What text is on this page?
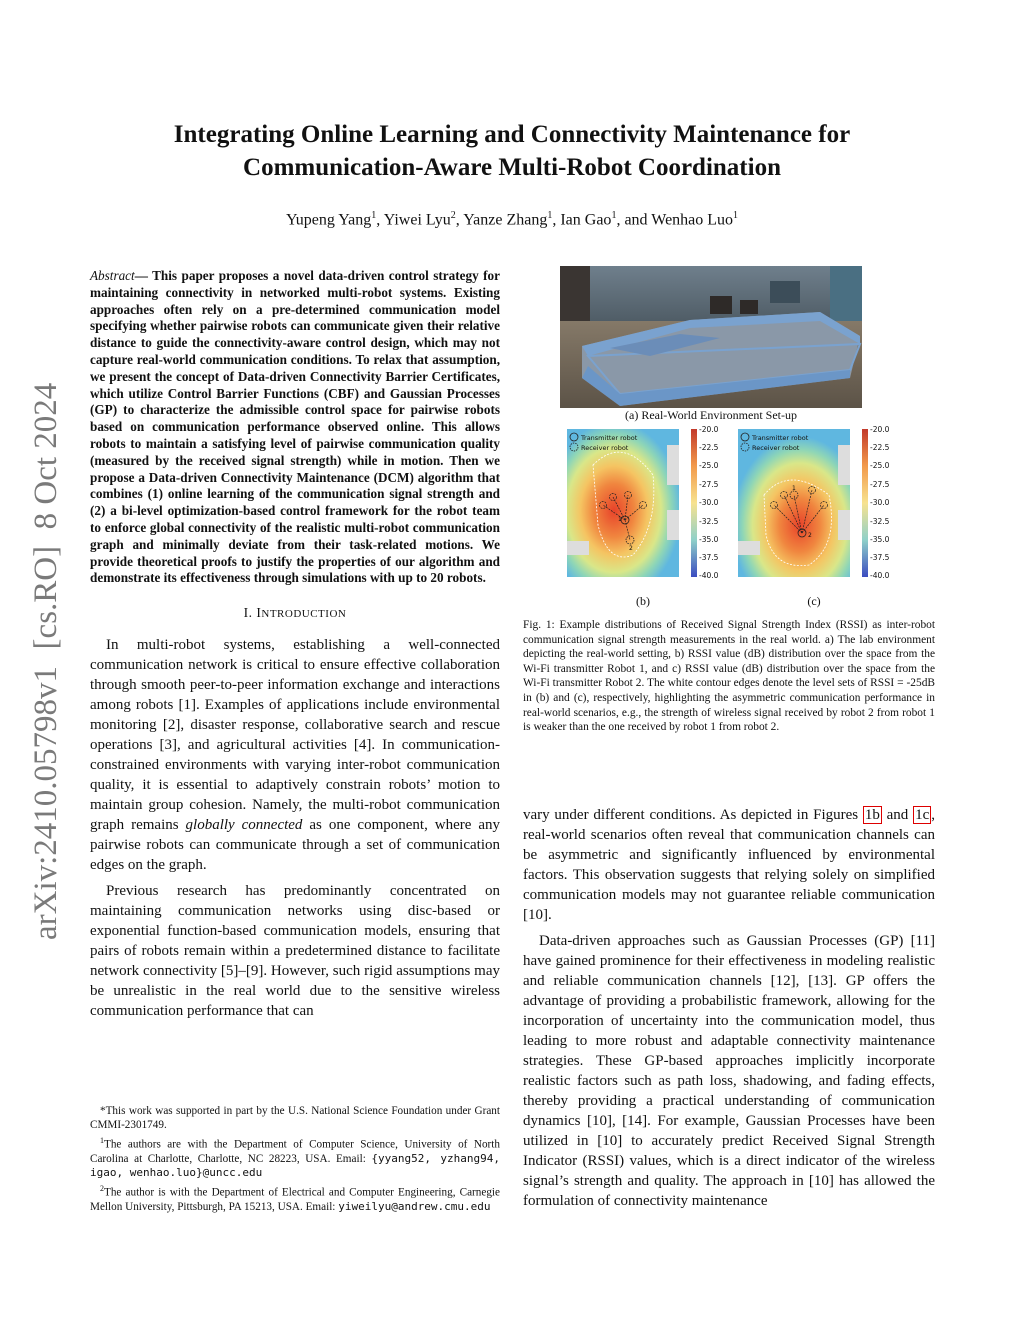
arXiv:2410.05798v1  [cs.RO]  8 Oct 2024
Integrating Online Learning and Connectivity Maintenance for
Communication-Aware Multi-Robot Coordination
Yupeng Yang$^1$, Yiwei Lyu$^2$, Yanze Zhang$^1$, Ian Gao$^1$, and Wenhao Luo$^1$
Abstract— This paper proposes a novel data-driven control strategy for maintaining connectivity in networked multi-robot systems. Existing approaches often rely on a pre-determined communication model specifying whether pairwise robots can communicate given their relative distance to guide the connectivity-aware control design, which may not capture real-world communication conditions. To relax that assumption, we present the concept of Data-driven Connectivity Barrier Certificates, which utilize Control Barrier Functions (CBF) and Gaussian Processes (GP) to characterize the admissible control space for pairwise robots based on communication performance observed online. This allows robots to maintain a satisfying level of pairwise communication quality (measured by the received signal strength) while in motion. Then we propose a Data-driven Connectivity Maintenance (DCM) algorithm that combines (1) online learning of the communication signal strength and (2) a bi-level optimization-based control framework for the robot team to enforce global connectivity of the realistic multi-robot communication graph and minimally deviate from their task-related motions. We provide theoretical proofs to justify the properties of our algorithm and demonstrate its effectiveness through simulations with up to 20 robots.
I. INTRODUCTION

In multi-robot systems, establishing a well-connected communication network is critical to ensure effective collaboration through smooth peer-to-peer information exchange and interactions among robots [1]. Examples of applications include environmental monitoring [2], disaster response, collaborative search and rescue operations [3], and agricultural activities [4]. In communication-constrained environments with varying inter-robot communication quality, it is essential to adaptively constrain robots’ motion to maintain group cohesion. Namely, the multi-robot communication graph remains globally connected as one component, where any pairwise robots can communicate through a set of communication edges on the graph.

Previous research has predominantly concentrated on maintaining communication networks using disc-based or exponential function-based communication models, ensuring that pairs of robots remain within a predetermined distance to facilitate network connectivity [5]–[9]. However, such rigid assumptions may be unrealistic in the real world due to the sensitive wireless communication performance that can

*This work was supported in part by the U.S. National Science Foundation under Grant CMMI-2301749.

$^1$The authors are with the Department of Computer Science, University of North Carolina at Charlotte, Charlotte, NC 28223, USA. Email: {yyang52, yzhang94, igao, wenhao.luo}@uncc.edu

$^2$The author is with the Department of Electrical and Computer Engineering, Carnegie Mellon University, Pittsburgh, PA 15213, USA. Email: yiweilyu@andrew.cmu.edu

(a) Real-World Environment Set-up
Transmitter robot
Receiver robot
1
2
-20.0
-22.5
-25.0
-27.5
-30.0
-32.5
-35.0
-37.5
-40.0
Transmitter robot
Receiver robot
1
2
-20.0
-22.5
-25.0
-27.5
-30.0
-32.5
-35.0
-37.5
-40.0
(b)	(c)
Fig. 1: Example distributions of Received Signal Strength Index (RSSI) as inter-robot communication signal strength measurements in the real world. a) The lab environment depicting the real-world setting, b) RSSI value (dB) distribution over the space from the Wi-Fi transmitter Robot 1, and c) RSSI value (dB) distribution over the space from the Wi-Fi transmitter Robot 2. The white contour edges denote the level sets of RSSI = -25dB in (b) and (c), respectively, highlighting the asymmetric communication performance in real-world scenarios, e.g., the strength of wireless signal received by robot 2 from robot 1 is weaker than the one received by robot 1 from robot 2.

vary under different conditions. As depicted in Figures 1b and 1c , real-world scenarios often reveal that communication channels can be asymmetric and significantly influenced by environmental factors. This observation suggests that relying solely on simplified communication models may not guarantee reliable communication [10].

Data-driven approaches such as Gaussian Processes (GP) [11] have gained prominence for their effectiveness in modeling realistic and reliable communication channels [12], [13]. GP offers the advantage of providing a probabilistic framework, allowing for the incorporation of uncertainty into the communication model, thus leading to more robust and adaptable connectivity maintenance strategies. These GP-based approaches implicitly incorporate realistic factors such as path loss, shadowing, and fading effects, thereby providing a practical understanding of communication dynamics [10], [14]. For example, Gaussian Processes have been utilized in [10] to accurately predict Received Signal Strength Indicator (RSSI) values, which is a direct indicator of the wireless signal’s strength and quality. The approach in [10] has allowed the formulation of connectivity maintenance
